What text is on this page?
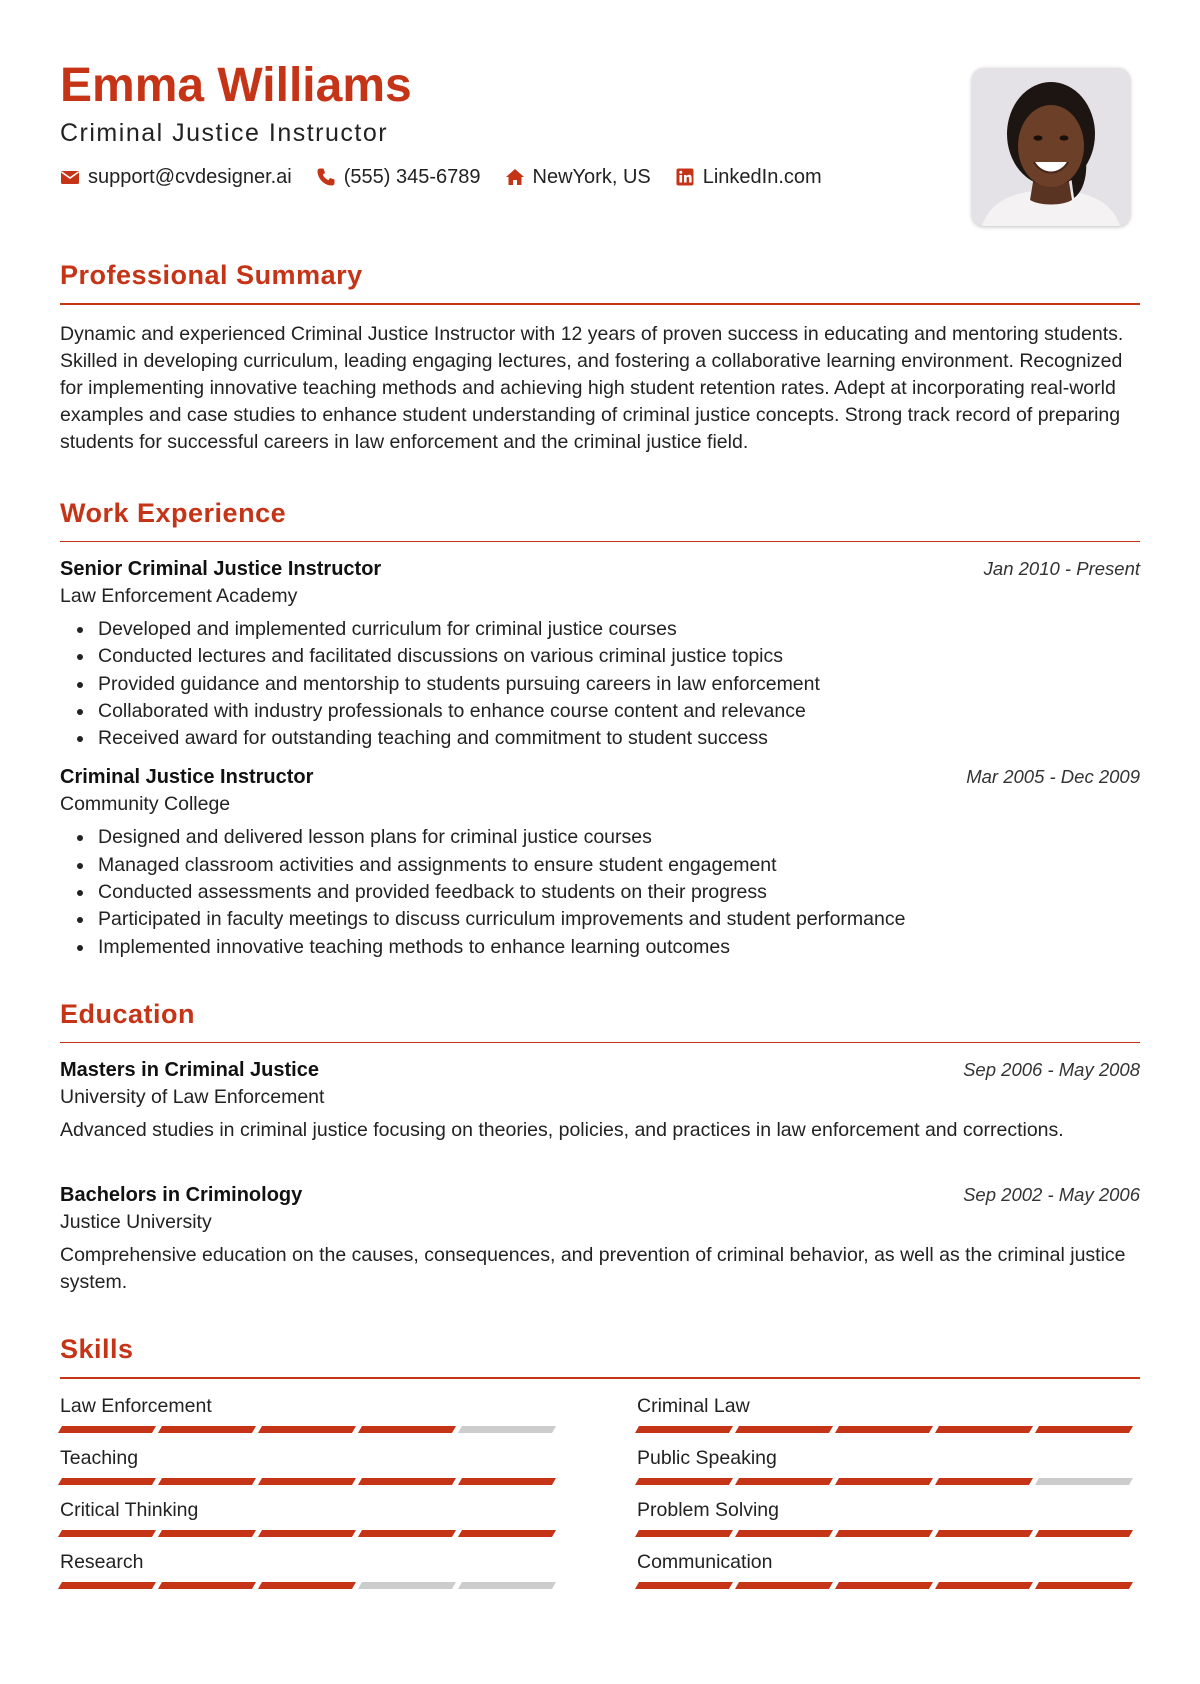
Emma Williams
Criminal Justice Instructor
support@cvdesigner.ai	(555) 345-6789	NewYork, US	LinkedIn.com
Professional Summary
Dynamic and experienced Criminal Justice Instructor with 12 years of proven success in educating and mentoring students. Skilled in developing curriculum, leading engaging lectures, and fostering a collaborative learning environment. Recognized for implementing innovative teaching methods and achieving high student retention rates. Adept at incorporating real-world examples and case studies to enhance student understanding of criminal justice concepts. Strong track record of preparing students for successful careers in law enforcement and the criminal justice field.
Work Experience
Senior Criminal Justice Instructor	Jan 2010 - Present
Law Enforcement Academy
Developed and implemented curriculum for criminal justice courses
Conducted lectures and facilitated discussions on various criminal justice topics
Provided guidance and mentorship to students pursuing careers in law enforcement
Collaborated with industry professionals to enhance course content and relevance
Received award for outstanding teaching and commitment to student success
Criminal Justice Instructor	Mar 2005 - Dec 2009
Community College
Designed and delivered lesson plans for criminal justice courses
Managed classroom activities and assignments to ensure student engagement
Conducted assessments and provided feedback to students on their progress
Participated in faculty meetings to discuss curriculum improvements and student performance
Implemented innovative teaching methods to enhance learning outcomes
Education
Masters in Criminal Justice	Sep 2006 - May 2008
University of Law Enforcement
Advanced studies in criminal justice focusing on theories, policies, and practices in law enforcement and corrections.
Bachelors in Criminology	Sep 2002 - May 2006
Justice University
Comprehensive education on the causes, consequences, and prevention of criminal behavior, as well as the criminal justice system.
Skills
Law Enforcement	Criminal Law
Teaching	Public Speaking
Critical Thinking	Problem Solving
Research	Communication
